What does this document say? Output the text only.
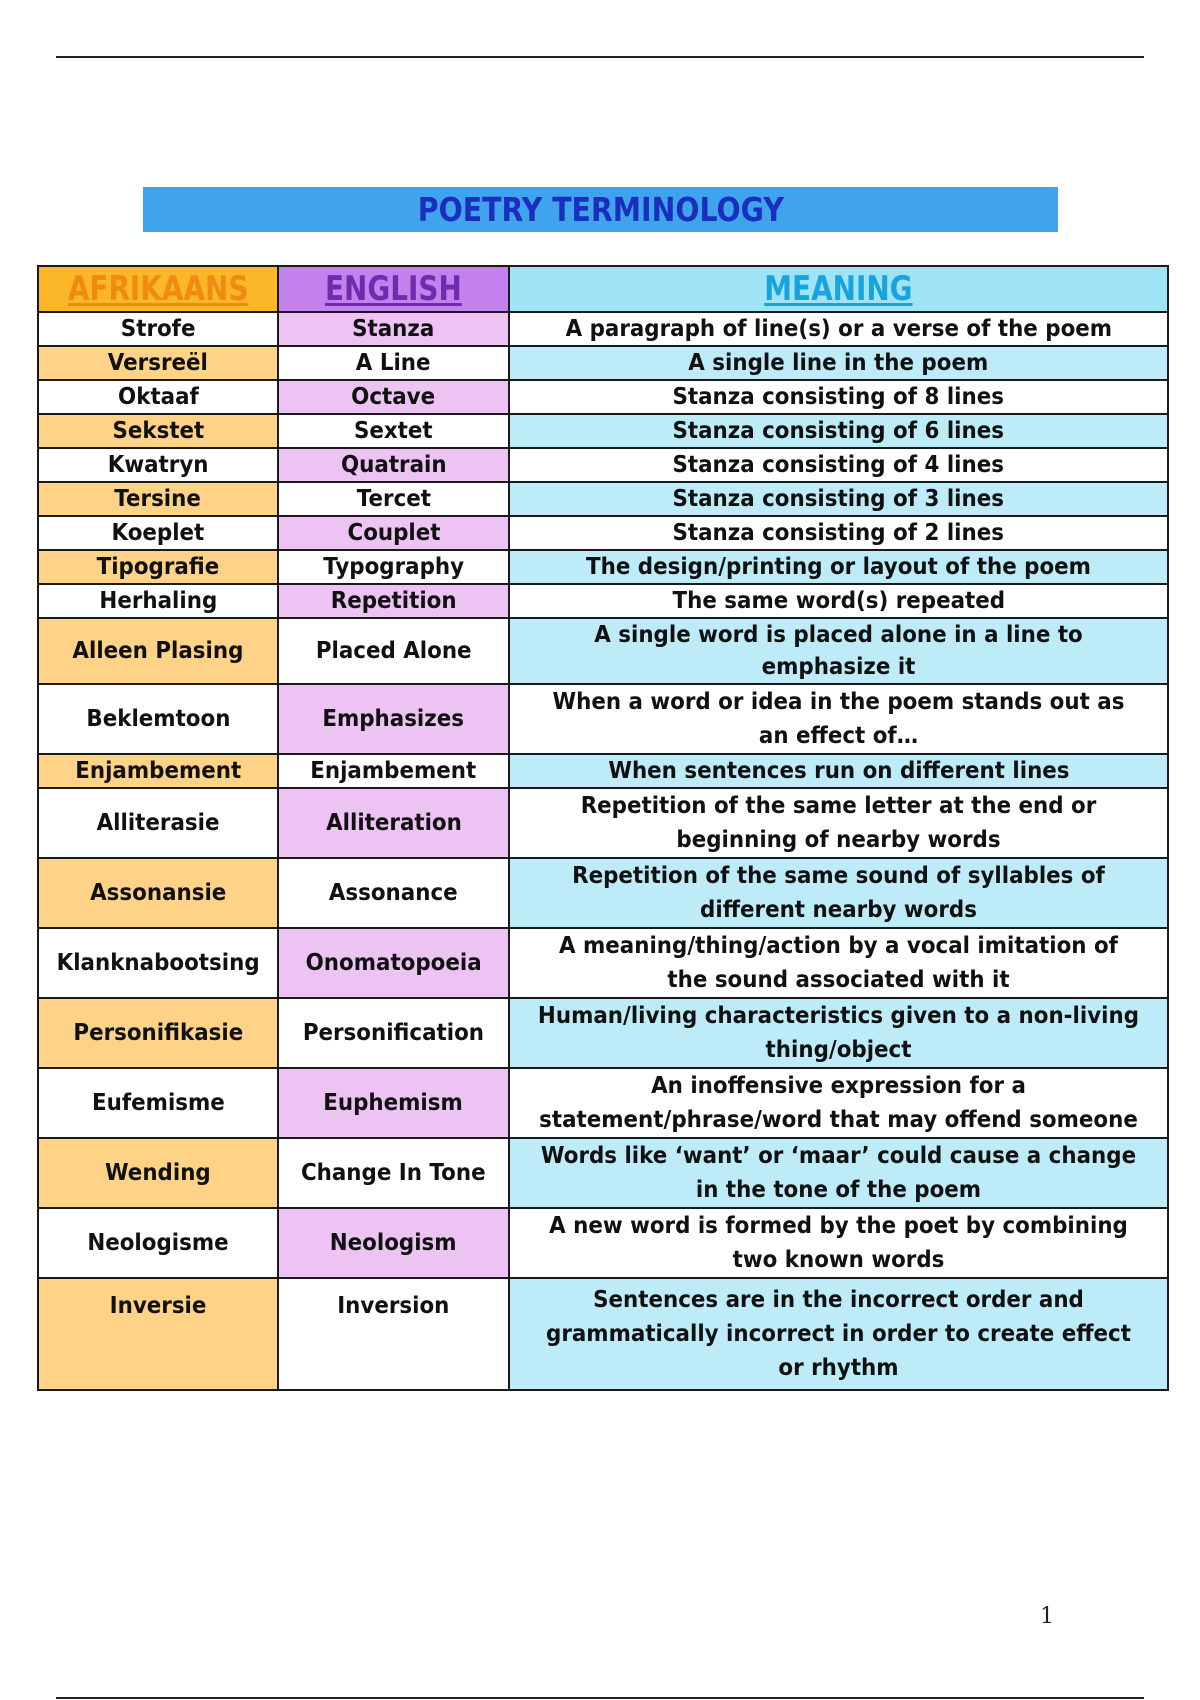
POETRY TERMINOLOGY
AFRIKAANS	ENGLISH	MEANING
Strofe	Stanza	A paragraph of line(s) or a verse of the poem
Versreël	A Line	A single line in the poem
Oktaaf	Octave	Stanza consisting of 8 lines
Sekstet	Sextet	Stanza consisting of 6 lines
Kwatryn	Quatrain	Stanza consisting of 4 lines
Tersine	Tercet	Stanza consisting of 3 lines
Koeplet	Couplet	Stanza consisting of 2 lines
Tipografie	Typography	The design/printing or layout of the poem
Herhaling	Repetition	The same word(s) repeated
Alleen Plasing	Placed Alone	A single word is placed alone in a line to emphasize it
Beklemtoon	Emphasizes	When a word or idea in the poem stands out as an effect of…
Enjambement	Enjambement	When sentences run on different lines
Alliterasie	Alliteration	Repetition of the same letter at the end or beginning of nearby words
Assonansie	Assonance	Repetition of the same sound of syllables of different nearby words
Klanknabootsing	Onomatopoeia	A meaning/thing/action by a vocal imitation of the sound associated with it
Personifikasie	Personification	Human/living characteristics given to a non-living thing/object
Eufemisme	Euphemism	An inoffensive expression for a statement/phrase/word that may offend someone
Wending	Change In Tone	Words like ‘want’ or ‘maar’ could cause a change in the tone of the poem
Neologisme	Neologism	A new word is formed by the poet by combining two known words
Inversie	Inversion	Sentences are in the incorrect order and grammatically incorrect in order to create effect or rhythm
1
